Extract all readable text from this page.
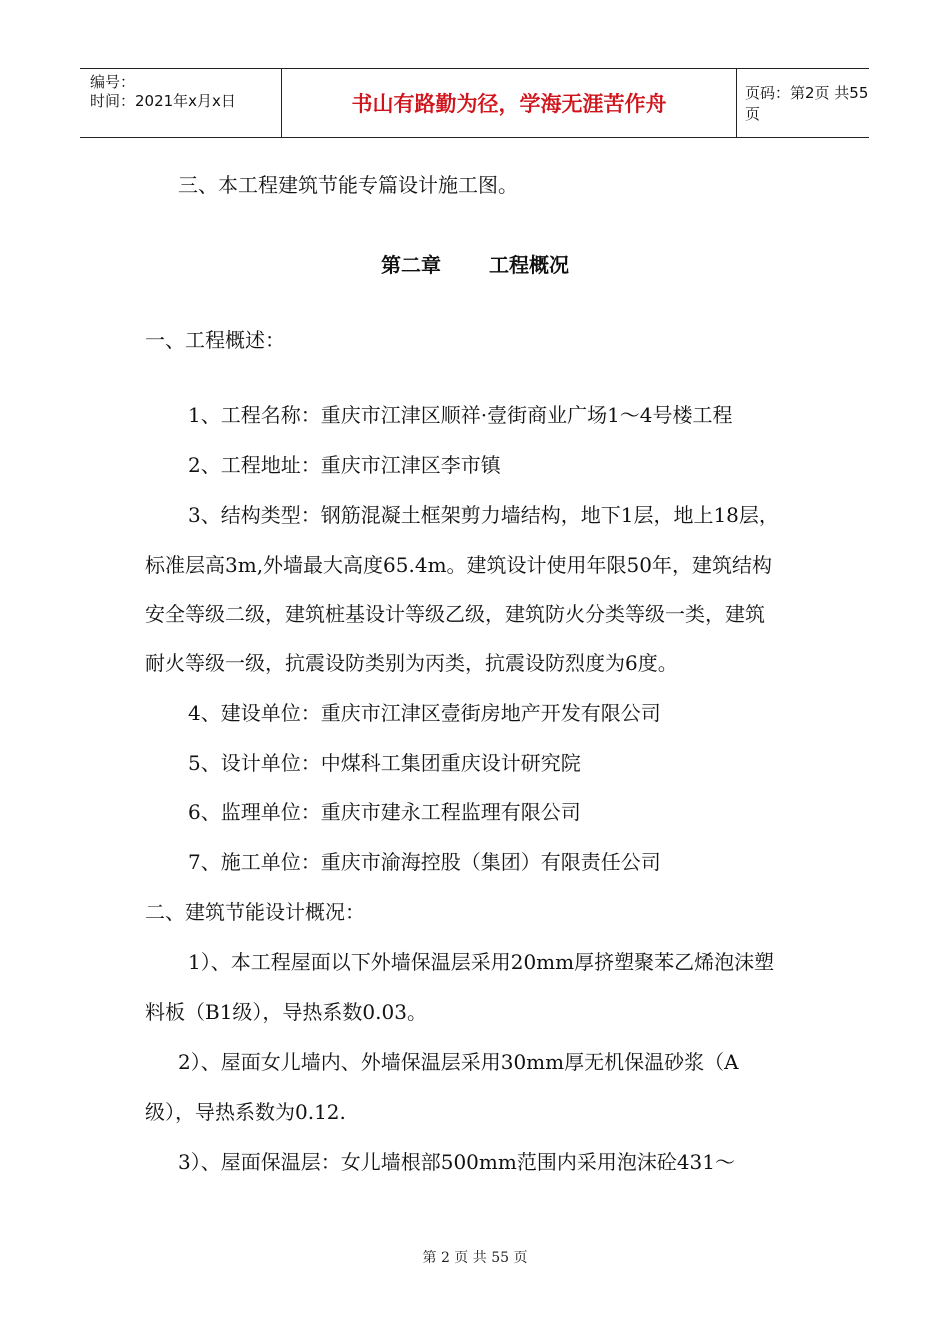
编号：
时间：2021年x月x日	书山有路勤为径，学海无涯苦作舟	页码：第2页 共55页
三、本工程建筑节能专篇设计施工图。
第二章 工程概况
一、工程概述：
1、工程名称：重庆市江津区顺祥·壹街商业广场1～4号楼工程
2、工程地址：重庆市江津区李市镇
3、结构类型：钢筋混凝土框架剪力墙结构，地下1层，地上18层，
标准层高3m,外墙最大高度65.4m。建筑设计使用年限50年，建筑结构
安全等级二级，建筑桩基设计等级乙级，建筑防火分类等级一类，建筑
耐火等级一级，抗震设防类别为丙类，抗震设防烈度为6度。
4、建设单位：重庆市江津区壹街房地产开发有限公司
5、设计单位：中煤科工集团重庆设计研究院
6、监理单位：重庆市建永工程监理有限公司
7、施工单位：重庆市渝海控股（集团）有限责任公司
二、建筑节能设计概况：
1）、本工程屋面以下外墙保温层采用20mm厚挤塑聚苯乙烯泡沫塑
料板（B1级），导热系数0.03。
2）、屋面女儿墙内、外墙保温层采用30mm厚无机保温砂浆（A
级），导热系数为0.12.
3）、屋面保温层：女儿墙根部500mm范围内采用泡沫砼431～
第 2 页 共 55 页
